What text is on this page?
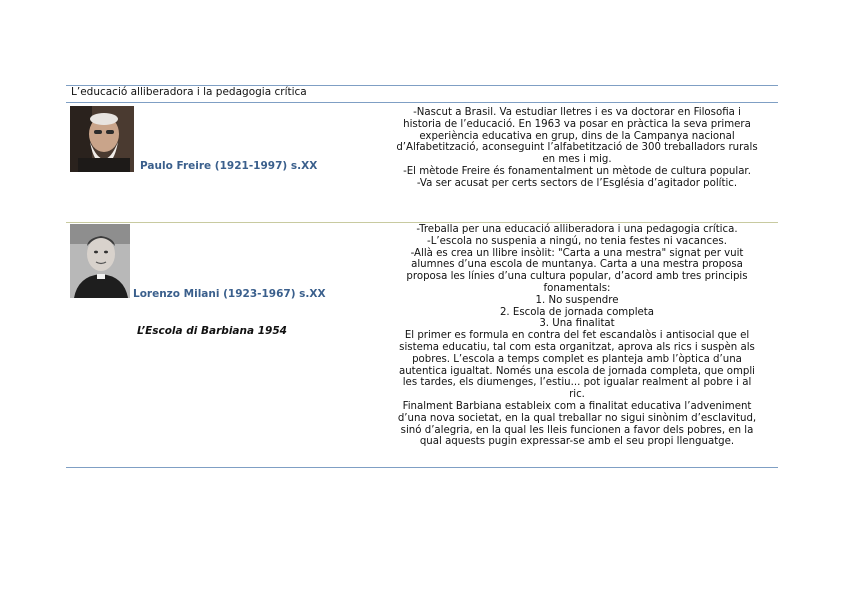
L’educació alliberadora i la pedagogia crítica
Paulo Freire (1921-1997) s.XX
-Nascut a Brasil. Va estudiar lletres i es va doctorar en Filosofia i
historia de l’educació. En 1963 va posar en pràctica la seva primera
experiència educativa en grup, dins de la Campanya nacional
d’Alfabetització, aconseguint l’alfabetització de 300 treballadors rurals
en mes i mig.
-El mètode Freire és fonamentalment un mètode de cultura popular.
-Va ser acusat per certs sectors de l’Església d’agitador polític.
Lorenzo Milani (1923-1967) s.XX
L’Escola di Barbiana 1954
-Treballa per una educació alliberadora i una pedagogia crítica.
-L’escola no suspenia a ningú, no tenia festes ni vacances.
-Allà es crea un llibre insòlit: "Carta a una mestra" signat per vuit
alumnes d’una escola de muntanya. Carta a una mestra proposa
proposa les línies d’una cultura popular, d’acord amb tres principis
fonamentals:
1. No suspendre
2. Escola de jornada completa
3. Una finalitat
El primer es formula en contra del fet escandalòs i antisocial que el
sistema educatiu, tal com esta organitzat, aprova als rics i suspèn als
pobres. L’escola a temps complet es planteja amb l’òptica d’una
autentica igualtat. Només una escola de jornada completa, que ompli
les tardes, els diumenges, l’estiu... pot igualar realment al pobre i al
ric.
Finalment Barbiana estableix com a finalitat educativa l’adveniment
d’una nova societat, en la qual treballar no sigui sinònim d’esclavitud,
sinó d’alegria, en la qual les lleis funcionen a favor dels pobres, en la
qual aquests pugin expressar-se amb el seu propi llenguatge.
